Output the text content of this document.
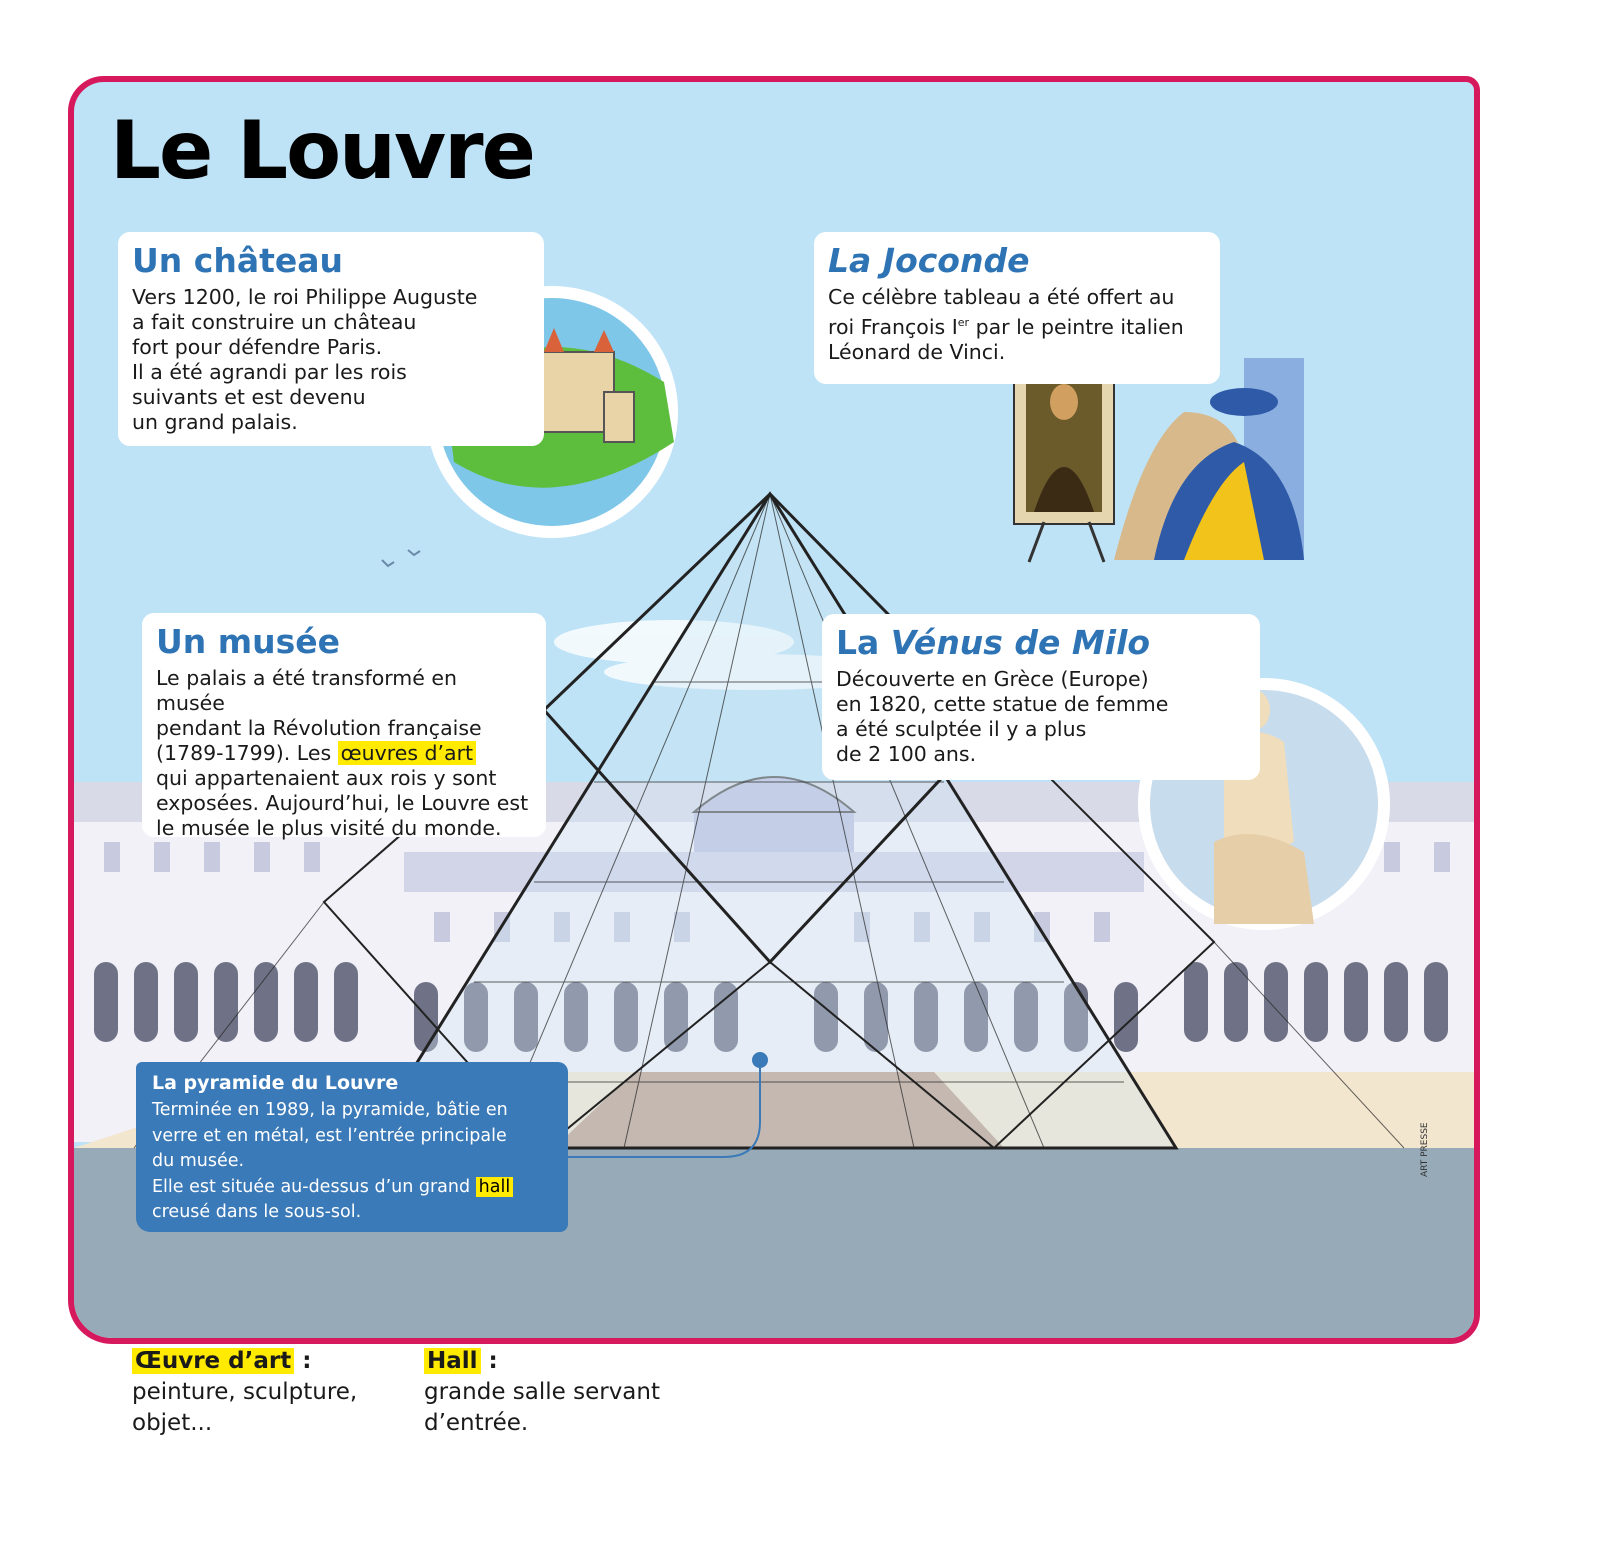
Le Louvre
Un château

Vers 1200, le roi Philippe Auguste
a fait construire un château
fort pour défendre Paris.
Il a été agrandi par les rois
suivants et est devenu
un grand palais.

La Joconde

Ce célèbre tableau a été offert au
roi François Ier par le peintre italien
Léonard de Vinci.

Un musée

Le palais a été transformé en musée
pendant la Révolution française
(1789-1799). Les œuvres d’art
qui appartenaient aux rois y sont
exposées. Aujourd’hui, le Louvre est
le musée le plus visité du monde.

La Vénus de Milo

Découverte en Grèce (Europe)
en 1820, cette statue de femme
a été sculptée il y a plus
de 2 100 ans.

La pyramide du Louvre

Terminée en 1989, la pyramide, bâtie en
verre et en métal, est l’entrée principale
du musée.
Elle est située au-dessus d’un grand hall
creusé dans le sous-sol.

ART PRESSE
Œuvre d’art :
peinture, sculpture,
objet...
Hall :
grande salle servant
d’entrée.
